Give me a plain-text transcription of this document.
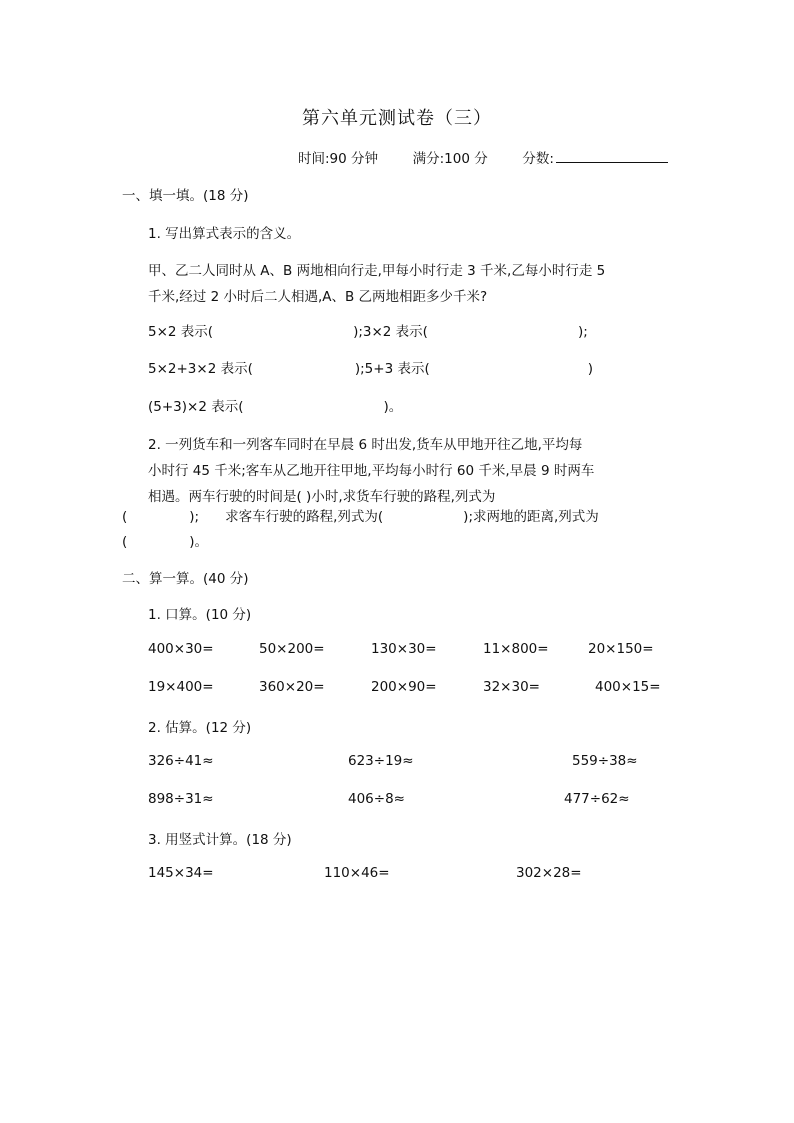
第六单元测试卷（三）
时间:90 分钟	满分:100 分	分数:
一、填一填。(18 分)
1. 写出算式表示的含义。
甲、乙二人同时从 A、B 两地相向行走,甲每小时行走 3 千米,乙每小时行走 5
千米,经过 2 小时后二人相遇,A、B 乙两地相距多少千米?
5×2 表示(	);3×2 表示(	);
5×2+3×2 表示(	);5+3 表示(	)
(5+3)×2 表示(	)。
2. 一列货车和一列客车同时在早晨 6 时出发,货车从甲地开往乙地,平均每
小时行 45 千米;客车从乙地开往甲地,平均每小时行 60 千米,早晨 9 时两车
相遇。两车行驶的时间是( )小时,求货车行驶的路程,列式为
(	); 求客车行驶的路程,列式为(	);求两地的距离,列式为
(	)。
二、算一算。(40 分)
1. 口算。(10 分)
400×30=	50×200=	130×30=	11×800=	20×150=
19×400=	360×20=	200×90=	32×30=	400×15=
2. 估算。(12 分)
326÷41≈	623÷19≈	559÷38≈
898÷31≈	406÷8≈	477÷62≈
3. 用竖式计算。(18 分)
145×34=	110×46=	302×28=
